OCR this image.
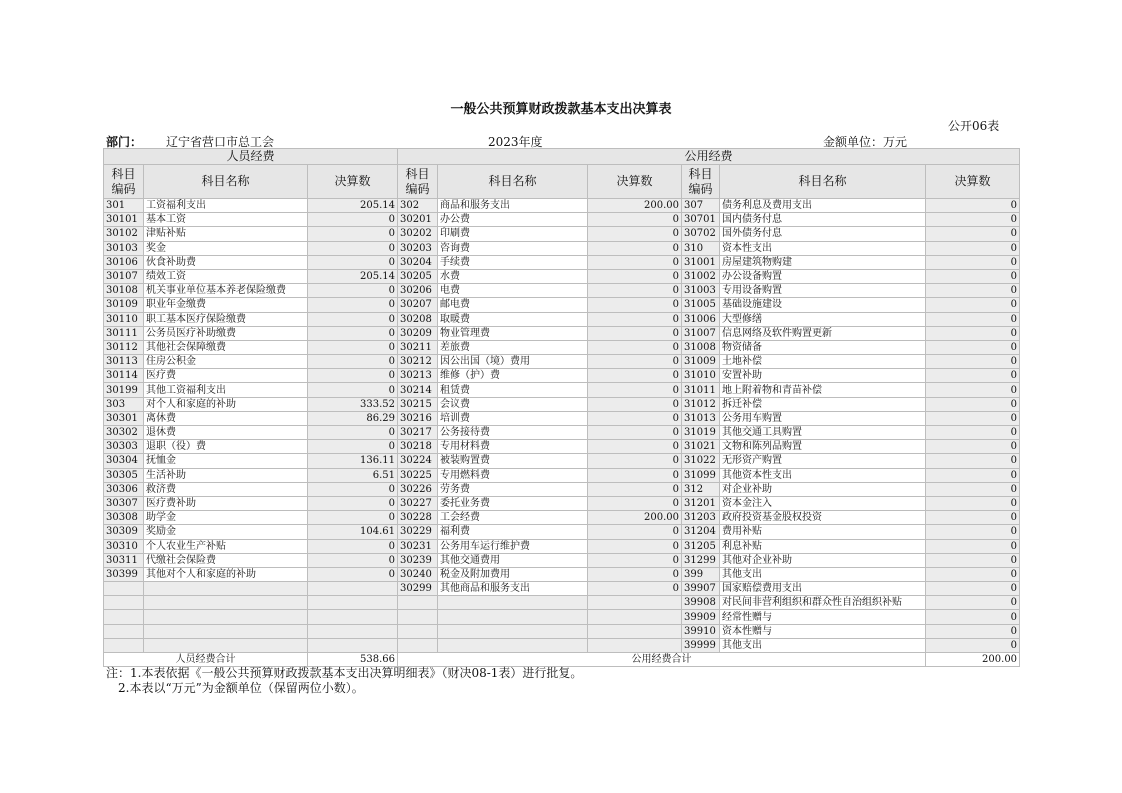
一般公共预算财政拨款基本支出决算表
公开06表
部门： 辽宁省营口市总工会	2023年度	金额单位：万元
人员经费			公用经费					
科目编码	科目名称	决算数	科目编码	科目名称	决算数	科目编码	科目名称	决算数
301	工资福利支出	205.14	302	商品和服务支出	200.00	307	债务利息及费用支出	0
30101	基本工资	0	30201	办公费	0	30701	国内债务付息	0
30102	津贴补贴	0	30202	印刷费	0	30702	国外债务付息	0
30103	奖金	0	30203	咨询费	0	310	资本性支出	0
30106	伙食补助费	0	30204	手续费	0	31001	房屋建筑物购建	0
30107	绩效工资	205.14	30205	水费	0	31002	办公设备购置	0
30108	机关事业单位基本养老保险缴费	0	30206	电费	0	31003	专用设备购置	0
30109	职业年金缴费	0	30207	邮电费	0	31005	基础设施建设	0
30110	职工基本医疗保险缴费	0	30208	取暖费	0	31006	大型修缮	0
30111	公务员医疗补助缴费	0	30209	物业管理费	0	31007	信息网络及软件购置更新	0
30112	其他社会保障缴费	0	30211	差旅费	0	31008	物资储备	0
30113	住房公积金	0	30212	因公出国（境）费用	0	31009	土地补偿	0
30114	医疗费	0	30213	维修（护）费	0	31010	安置补助	0
30199	其他工资福利支出	0	30214	租赁费	0	31011	地上附着物和青苗补偿	0
303	对个人和家庭的补助	333.52	30215	会议费	0	31012	拆迁补偿	0
30301	离休费	86.29	30216	培训费	0	31013	公务用车购置	0
30302	退休费	0	30217	公务接待费	0	31019	其他交通工具购置	0
30303	退职（役）费	0	30218	专用材料费	0	31021	文物和陈列品购置	0
30304	抚恤金	136.11	30224	被装购置费	0	31022	无形资产购置	0
30305	生活补助	6.51	30225	专用燃料费	0	31099	其他资本性支出	0
30306	救济费	0	30226	劳务费	0	312	对企业补助	0
30307	医疗费补助	0	30227	委托业务费	0	31201	资本金注入	0
30308	助学金	0	30228	工会经费	200.00	31203	政府投资基金股权投资	0
30309	奖励金	104.61	30229	福利费	0	31204	费用补贴	0
30310	个人农业生产补贴	0	30231	公务用车运行维护费	0	31205	利息补贴	0
30311	代缴社会保险费	0	30239	其他交通费用	0	31299	其他对企业补助	0
30399	其他对个人和家庭的补助	0	30240	税金及附加费用	0	399	其他支出	0
			30299	其他商品和服务支出	0	39907	国家赔偿费用支出	0
						39908	对民间非营利组织和群众性自治组织补贴	0
						39909	经常性赠与	0
						39910	资本性赠与	0
						39999	其他支出	0
人员经费合计		538.66	公用经费合计					200.00
注：1.本表依据《一般公共预算财政拨款基本支出决算明细表》（财决08-1表）进行批复。
2.本表以“万元”为金额单位（保留两位小数）。
